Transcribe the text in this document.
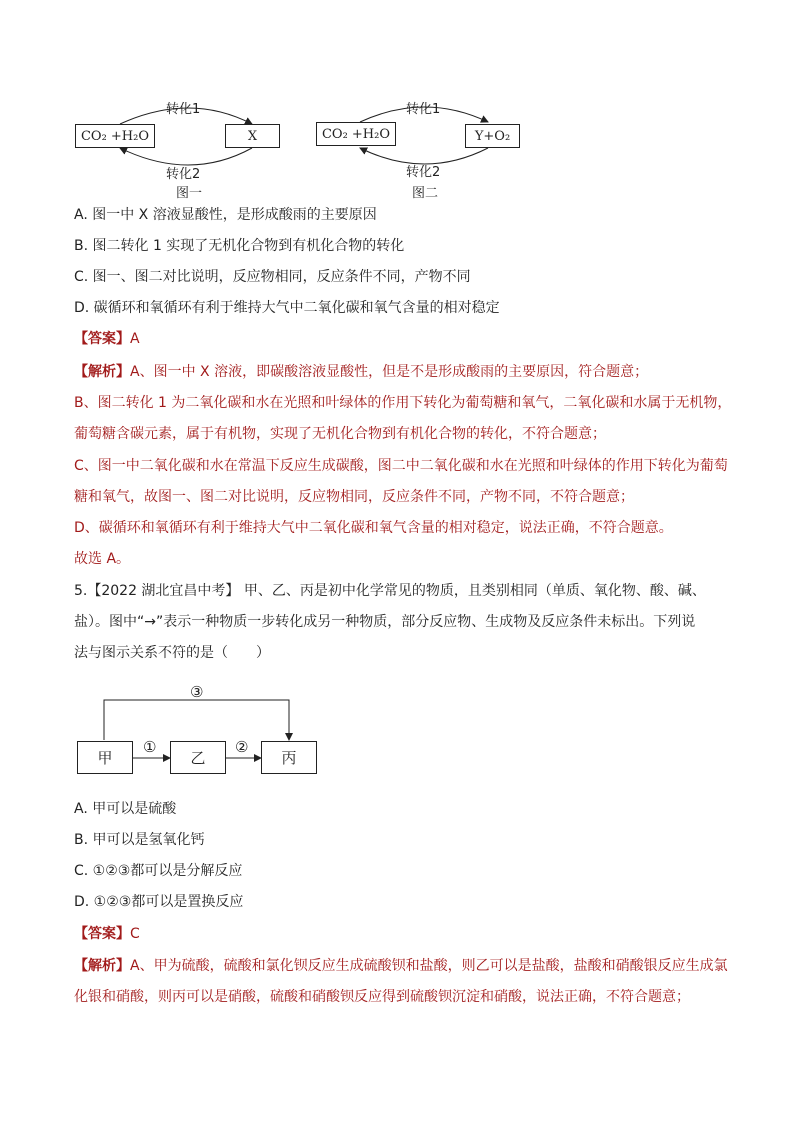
转化1
CO₂ +H₂O	X
转化2
图一
转化1
CO₂ +H₂O	Y+O₂
转化2
图二
A. 图一中 X 溶液显酸性，是形成酸雨的主要原因
B. 图二转化 1 实现了无机化合物到有机化合物的转化
C. 图一、图二对比说明，反应物相同，反应条件不同，产物不同
D. 碳循环和氧循环有利于维持大气中二氧化碳和氧气含量的相对稳定
【答案】A
【解析】A、图一中 X 溶液，即碳酸溶液显酸性，但是不是形成酸雨的主要原因，符合题意；
B、图二转化 1 为二氧化碳和水在光照和叶绿体的作用下转化为葡萄糖和氧气，二氧化碳和水属于无机物，
葡萄糖含碳元素，属于有机物，实现了无机化合物到有机化合物的转化，不符合题意；
C、图一中二氧化碳和水在常温下反应生成碳酸，图二中二氧化碳和水在光照和叶绿体的作用下转化为葡萄
糖和氧气，故图一、图二对比说明，反应物相同，反应条件不同，产物不同，不符合题意；
D、碳循环和氧循环有利于维持大气中二氧化碳和氧气含量的相对稳定，说法正确，不符合题意。
故选 A。
5.【2022 湖北宜昌中考】 甲、乙、丙是初中化学常见的物质，且类别相同（单质、氧化物、酸、碱、
盐）。图中“→”表示一种物质一步转化成另一种物质，部分反应物、生成物及反应条件未标出。下列说
法与图示关系不符的是（　　）
③
甲
①
乙
②
丙
A. 甲可以是硫酸
B. 甲可以是氢氧化钙
C. ①②③都可以是分解反应
D. ①②③都可以是置换反应
【答案】C
【解析】A、甲为硫酸，硫酸和氯化钡反应生成硫酸钡和盐酸，则乙可以是盐酸，盐酸和硝酸银反应生成氯
化银和硝酸，则丙可以是硝酸，硫酸和硝酸钡反应得到硫酸钡沉淀和硝酸，说法正确，不符合题意；
